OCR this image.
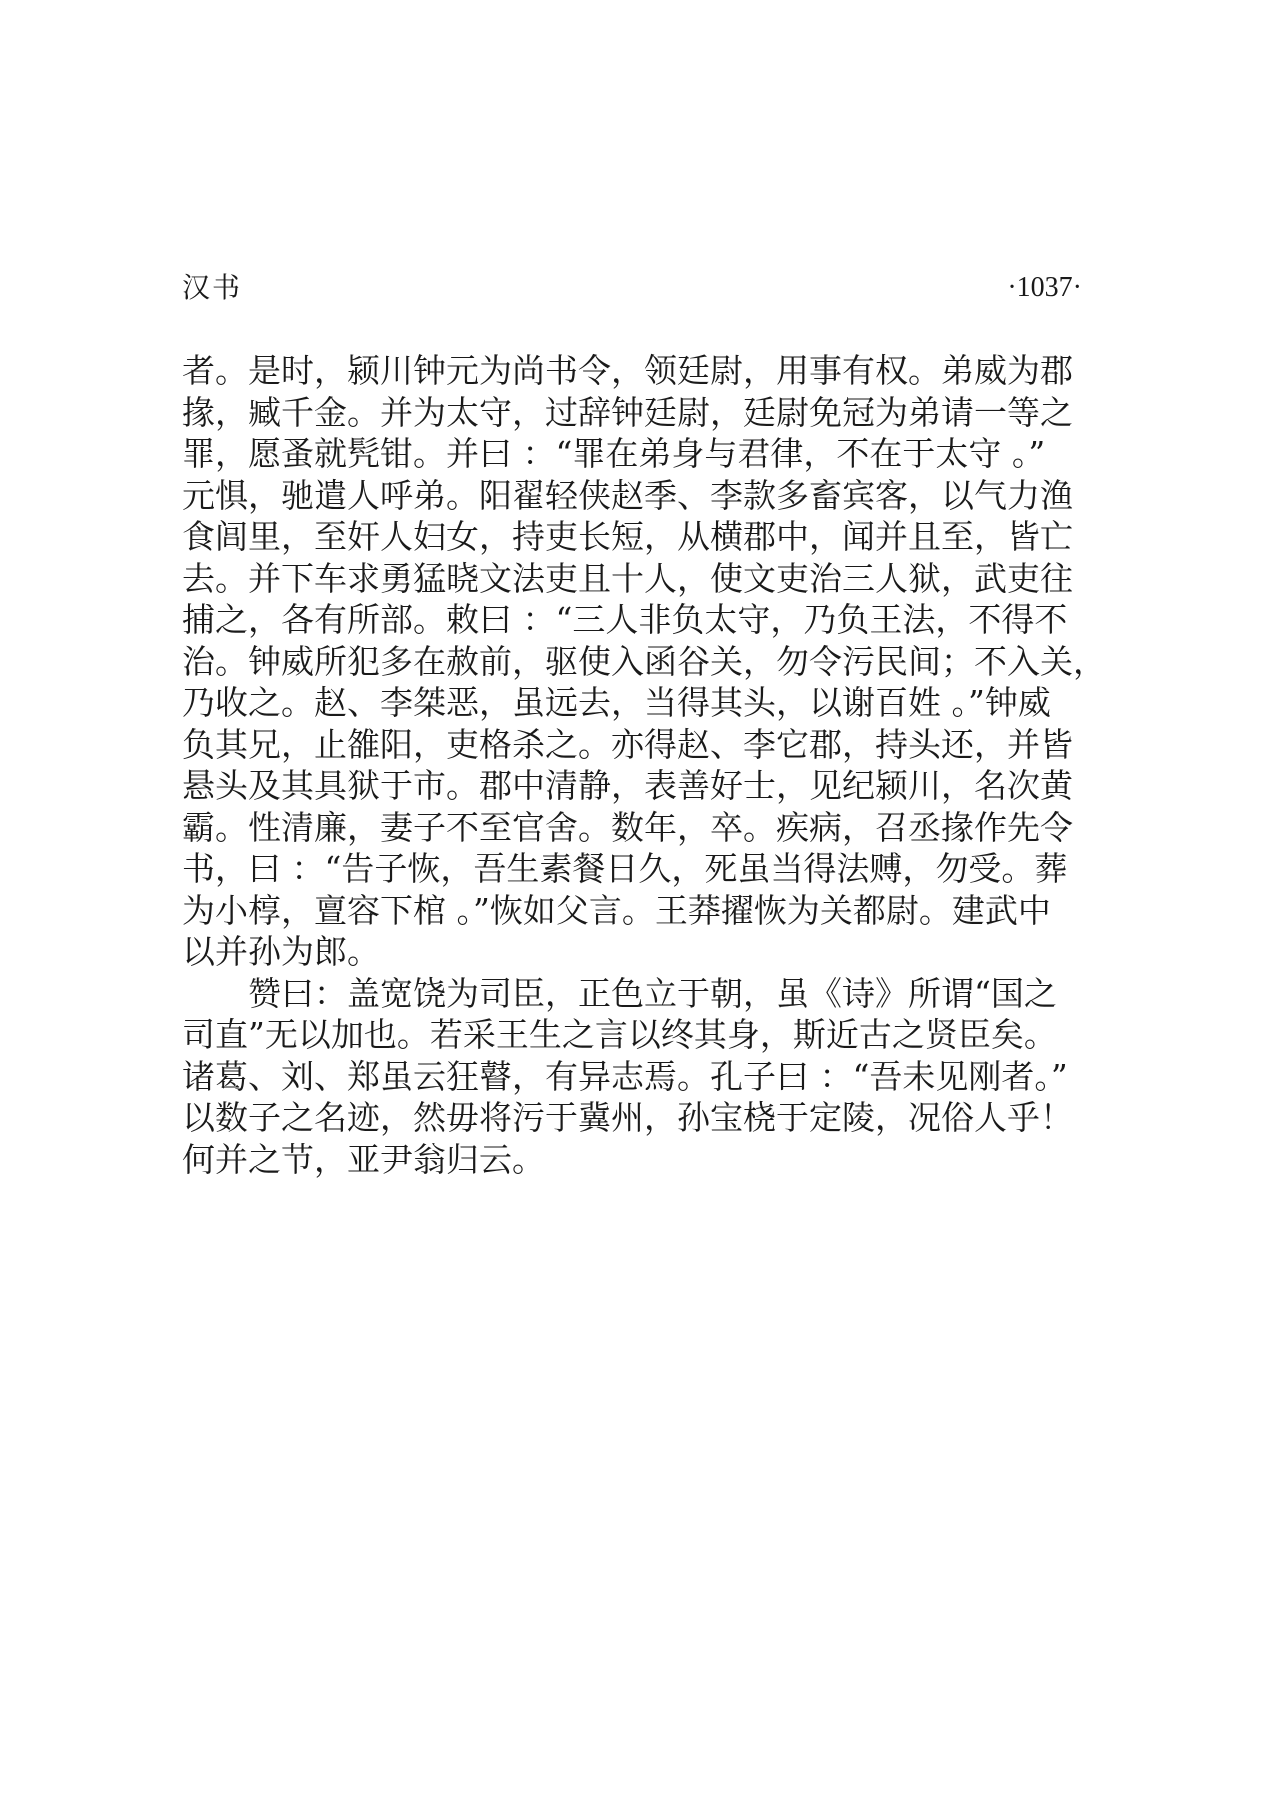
汉书	·1037·
者。是时，颍川钟元为尚书令，领廷尉，用事有权。弟威为郡
掾，臧千金。并为太守，过辞钟廷尉，廷尉免冠为弟请一等之
罪，愿蚤就髠钳。并曰 ：“罪在弟身与君律，不在于太守 。”
元惧，驰遣人呼弟。阳翟轻侠赵季、李款多畜宾客，以气力渔
食闾里，至奸人妇女，持吏长短，从横郡中，闻并且至，皆亡
去。并下车求勇猛晓文法吏且十人，使文吏治三人狱，武吏往
捕之，各有所部。敕曰 ：“三人非负太守，乃负王法，不得不
治。钟威所犯多在赦前，驱使入函谷关，勿令污民间；不入关，
乃收之。赵、李桀恶，虽远去，当得其头，以谢百姓 。”钟威
负其兄，止雒阳，吏格杀之。亦得赵、李它郡，持头还，并皆
悬头及其具狱于市。郡中清静，表善好士，见纪颍川，名次黄
霸。性清廉，妻子不至官舍。数年，卒。疾病，召丞掾作先令
书，曰 ：“告子恢，吾生素餐日久，死虽当得法赙，勿受。葬
为小椁，亶容下棺 。”恢如父言。王莽擢恢为关都尉。建武中
以并孙为郎。
赞曰：盖宽饶为司臣，正色立于朝，虽《诗》所谓“国之
司直”无以加也。若采王生之言以终其身，斯近古之贤臣矣。
诸葛、刘、郑虽云狂瞽，有异志焉。孔子曰 ：“吾未见刚者。”
以数子之名迹，然毋将污于冀州，孙宝桡于定陵，况俗人乎！
何并之节，亚尹翁归云。
